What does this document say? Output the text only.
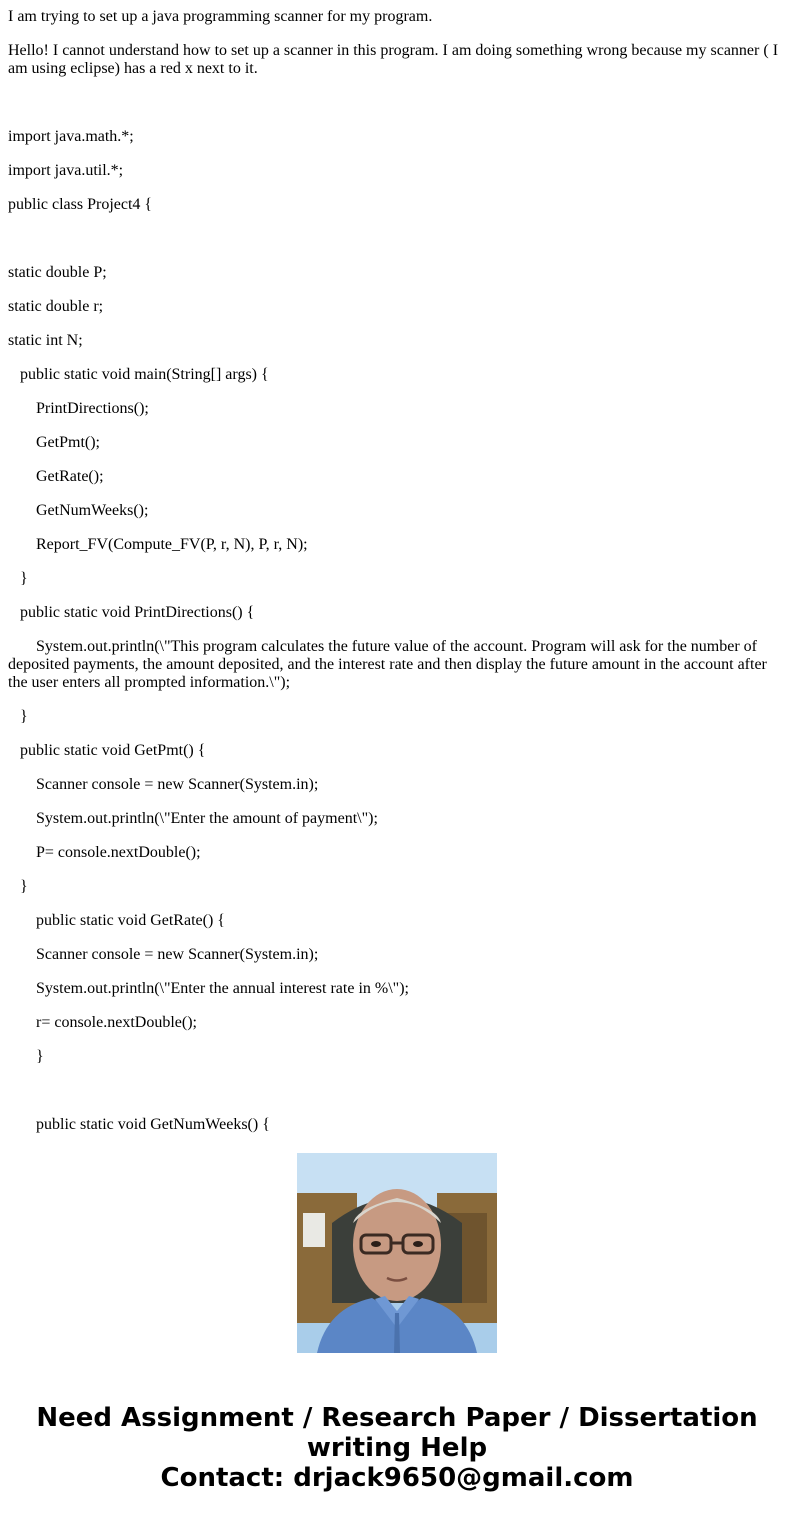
I am trying to set up a java programming scanner for my program.

Hello! I cannot understand how to set up a scanner in this program. I am doing something wrong because my scanner ( I am using eclipse) has a red x next to it.

import java.math.*;

import java.util.*;

public class Project4 {

static double P;

static double r;

static int N;

public static void main(String[] args) {

PrintDirections();

GetPmt();

GetRate();

GetNumWeeks();

Report_FV(Compute_FV(P, r, N), P, r, N);

}

public static void PrintDirections() {

System.out.println(\"This program calculates the future value of the account. Program will ask for the number of deposited payments, the amount deposited, and the interest rate and then display the future amount in the account after the user enters all prompted information.\");

}

public static void GetPmt() {

Scanner console = new Scanner(System.in);

System.out.println(\"Enter the amount of payment\");

P= console.nextDouble();

}

public static void GetRate() {

Scanner console = new Scanner(System.in);

System.out.println(\"Enter the annual interest rate in %\");

r= console.nextDouble();

}

public static void GetNumWeeks() {

Need Assignment / Research Paper / Dissertation
writing Help
Contact: drjack9650@gmail.com
